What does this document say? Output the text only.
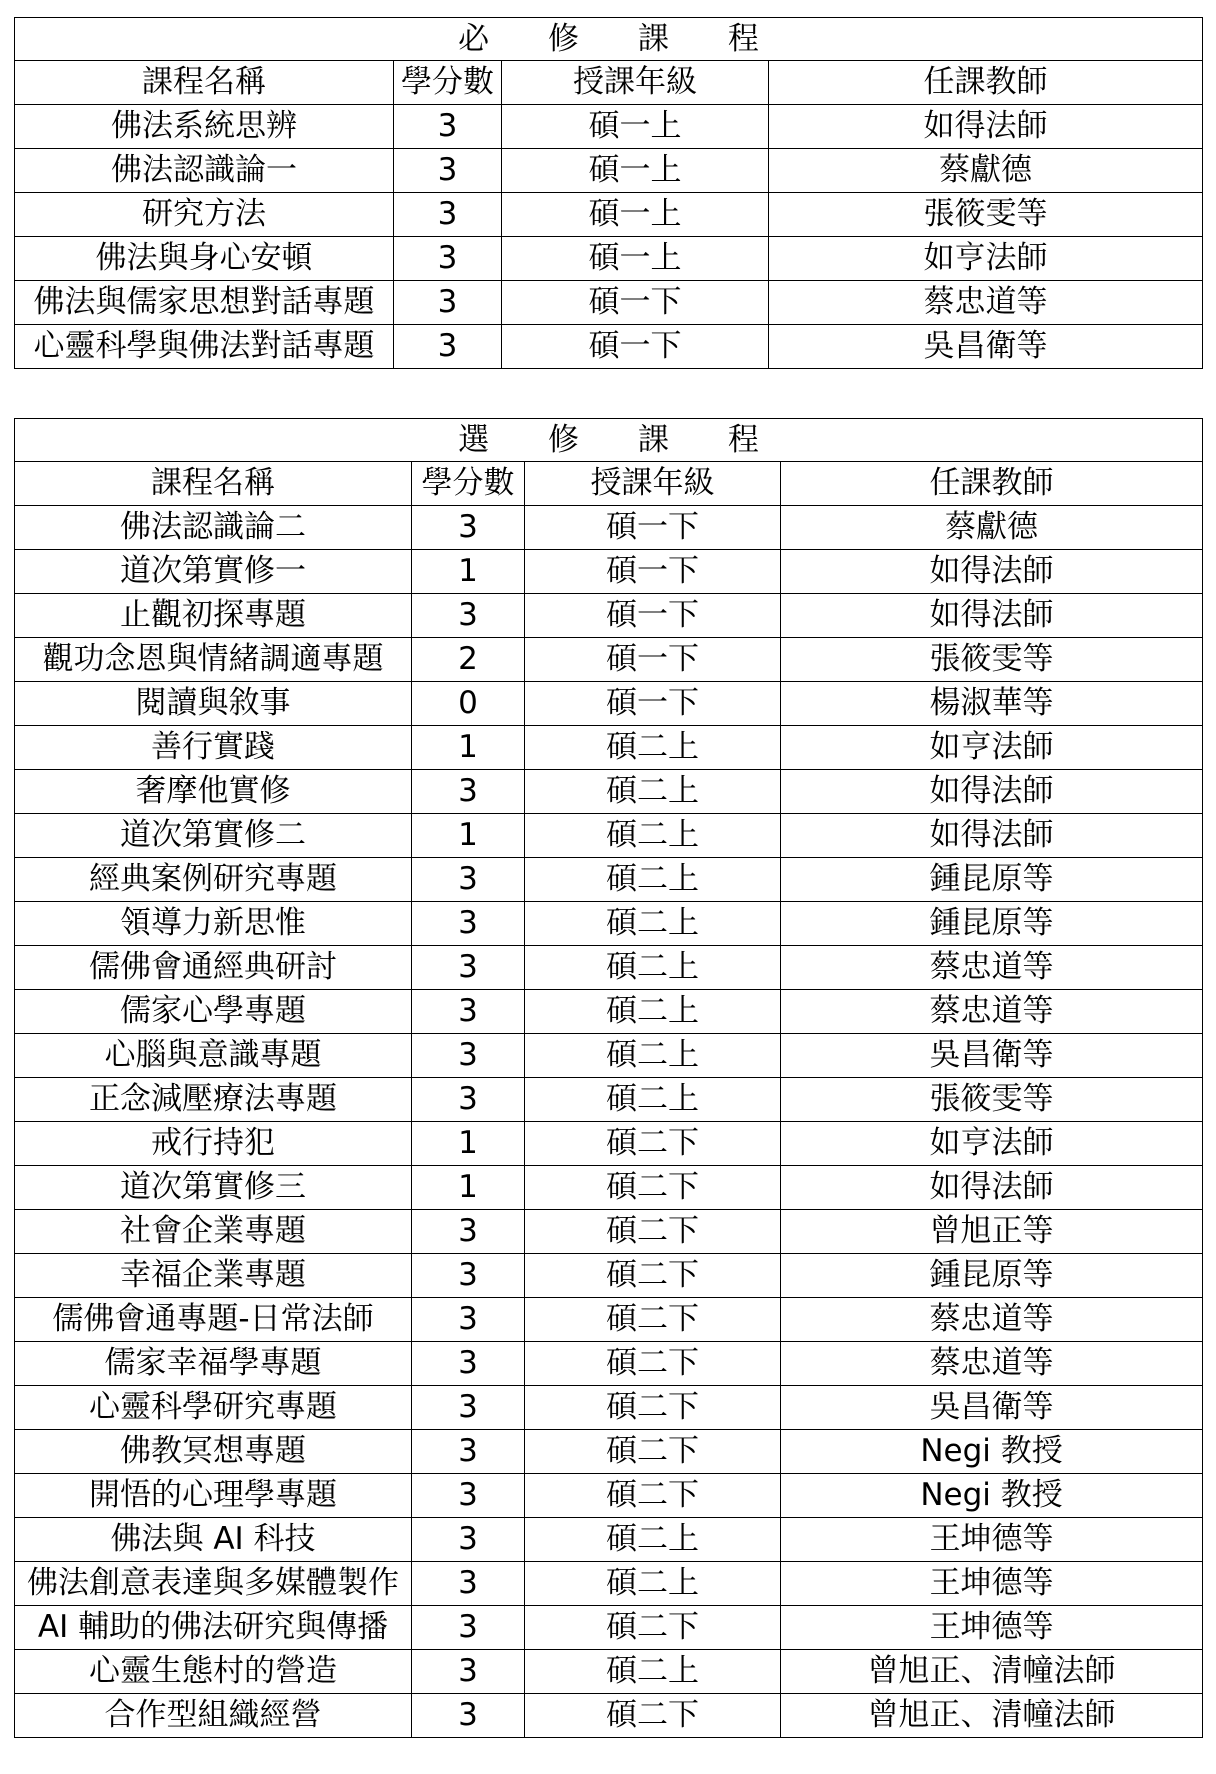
必修課程			
課程名稱	學分數	授課年級	任課教師
佛法系統思辨	3	碩一上	如得法師
佛法認識論一	3	碩一上	蔡獻德
研究方法	3	碩一上	張筱雯等
佛法與身心安頓	3	碩一上	如亨法師
佛法與儒家思想對話專題	3	碩一下	蔡忠道等
心靈科學與佛法對話專題	3	碩一下	吳昌衛等
選修課程			
課程名稱	學分數	授課年級	任課教師
佛法認識論二	3	碩一下	蔡獻德
道次第實修一	1	碩一下	如得法師
止觀初探專題	3	碩一下	如得法師
觀功念恩與情緒調適專題	2	碩一下	張筱雯等
閱讀與敘事	0	碩一下	楊淑華等
善行實踐	1	碩二上	如亨法師
奢摩他實修	3	碩二上	如得法師
道次第實修二	1	碩二上	如得法師
經典案例研究專題	3	碩二上	鍾昆原等
領導力新思惟	3	碩二上	鍾昆原等
儒佛會通經典研討	3	碩二上	蔡忠道等
儒家心學專題	3	碩二上	蔡忠道等
心腦與意識專題	3	碩二上	吳昌衛等
正念減壓療法專題	3	碩二上	張筱雯等
戒行持犯	1	碩二下	如亨法師
道次第實修三	1	碩二下	如得法師
社會企業專題	3	碩二下	曾旭正等
幸福企業專題	3	碩二下	鍾昆原等
儒佛會通專題-日常法師	3	碩二下	蔡忠道等
儒家幸福學專題	3	碩二下	蔡忠道等
心靈科學研究專題	3	碩二下	吳昌衛等
佛教冥想專題	3	碩二下	Negi 教授
開悟的心理學專題	3	碩二下	Negi 教授
佛法與 AI 科技	3	碩二上	王坤德等
佛法創意表達與多媒體製作	3	碩二上	王坤德等
AI 輔助的佛法研究與傳播	3	碩二下	王坤德等
心靈生態村的營造	3	碩二上	曾旭正、清幢法師
合作型組織經營	3	碩二下	曾旭正、清幢法師
